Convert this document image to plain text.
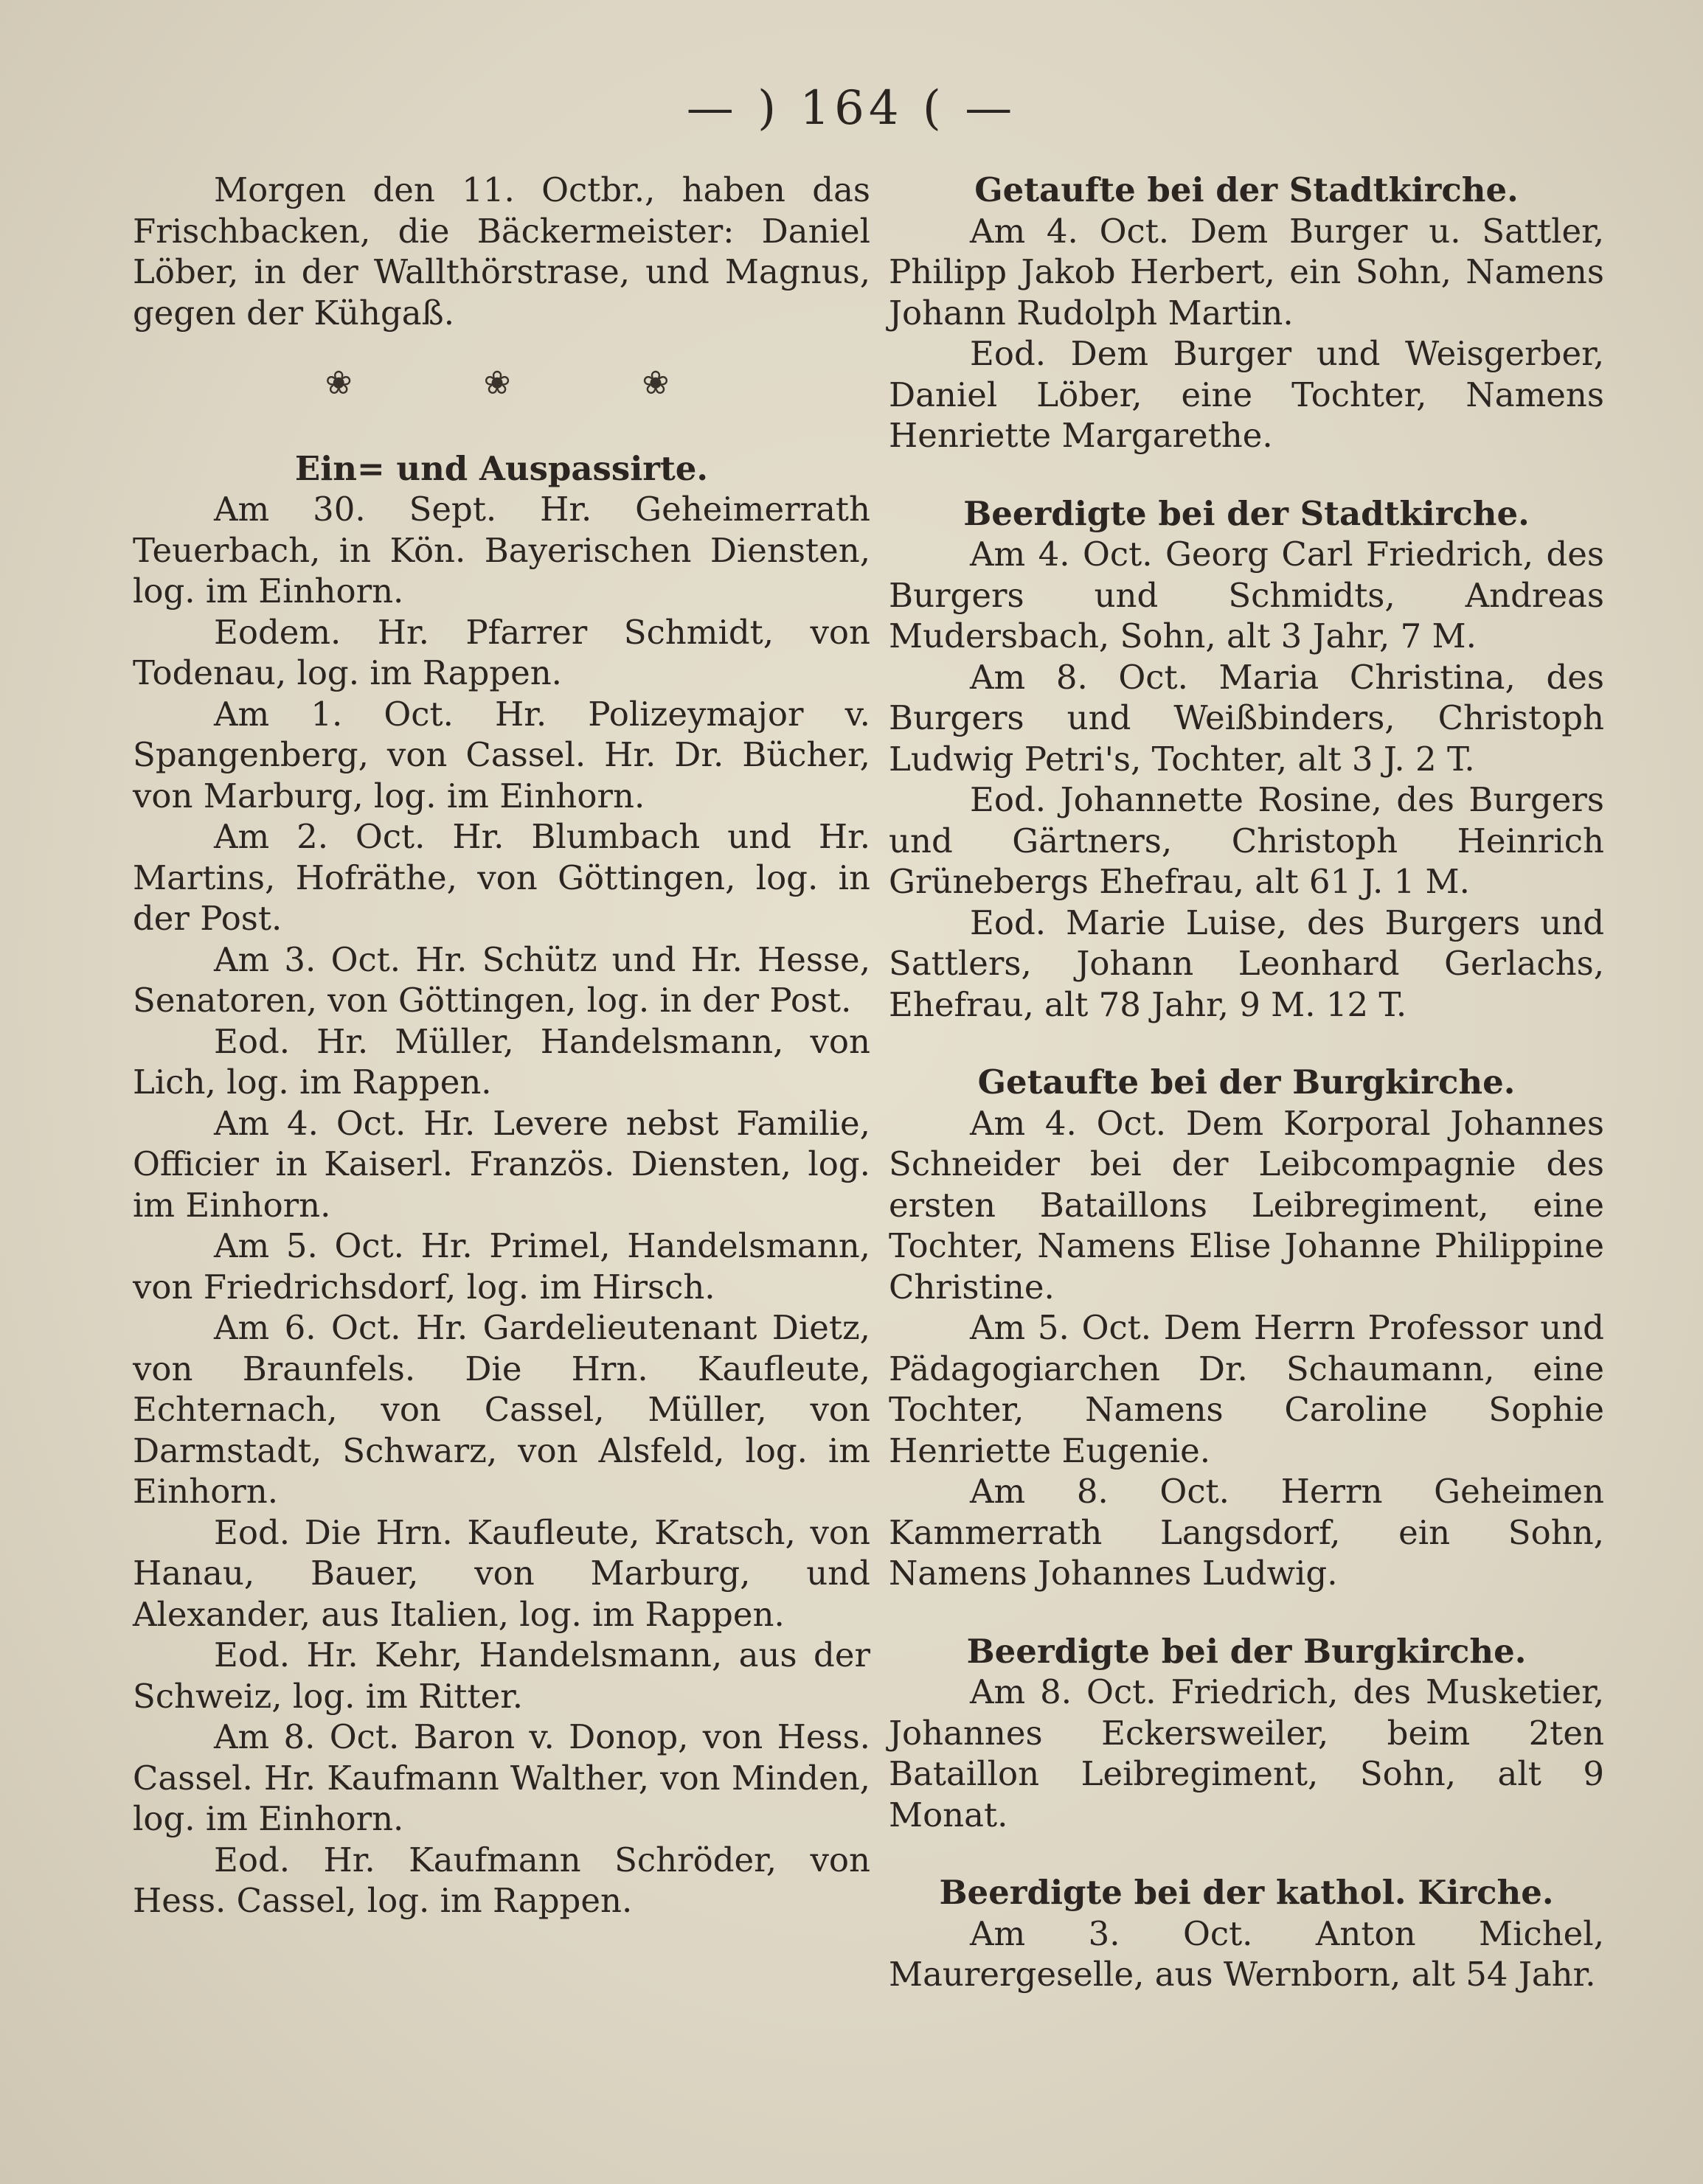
— ) 164 ( —

Morgen den 11. Octbr., haben das Frischbacken, die Bäckermeister: Daniel Löber, in der Wallthörstrase, und Magnus, gegen der Kühgaß.

❀	❀	❀

Ein= und Auspassirte.

Am 30. Sept. Hr. Geheimerrath Teuerbach, in Kön. Bayerischen Diensten, log. im Einhorn.

Eodem. Hr. Pfarrer Schmidt, von Todenau, log. im Rappen.

Am 1. Oct. Hr. Polizeymajor v. Spangenberg, von Cassel. Hr. Dr. Bücher, von Marburg, log. im Einhorn.

Am 2. Oct. Hr. Blumbach und Hr. Martins, Hofräthe, von Göttingen, log. in der Post.

Am 3. Oct. Hr. Schütz und Hr. Hesse, Senatoren, von Göttingen, log. in der Post.

Eod. Hr. Müller, Handelsmann, von Lich, log. im Rappen.

Am 4. Oct. Hr. Levere nebst Familie, Officier in Kaiserl. Französ. Diensten, log. im Einhorn.

Am 5. Oct. Hr. Primel, Handelsmann, von Friedrichsdorf, log. im Hirsch.

Am 6. Oct. Hr. Gardelieutenant Dietz, von Braunfels. Die Hrn. Kaufleute, Echternach, von Cassel, Müller, von Darmstadt, Schwarz, von Alsfeld, log. im Einhorn.

Eod. Die Hrn. Kaufleute, Kratsch, von Hanau, Bauer, von Marburg, und Alexander, aus Italien, log. im Rappen.

Eod. Hr. Kehr, Handelsmann, aus der Schweiz, log. im Ritter.

Am 8. Oct. Baron v. Donop, von Hess. Cassel. Hr. Kaufmann Walther, von Minden, log. im Einhorn.

Eod. Hr. Kaufmann Schröder, von Hess. Cassel, log. im Rappen.

Getaufte bei der Stadtkirche.

Am 4. Oct. Dem Burger u. Sattler, Philipp Jakob Herbert, ein Sohn, Namens Johann Rudolph Martin.

Eod. Dem Burger und Weisgerber, Daniel Löber, eine Tochter, Namens Henriette Margarethe.

Beerdigte bei der Stadtkirche.

Am 4. Oct. Georg Carl Friedrich, des Burgers und Schmidts, Andreas Mudersbach, Sohn, alt 3 Jahr, 7 M.

Am 8. Oct. Maria Christina, des Burgers und Weißbinders, Christoph Ludwig Petri's, Tochter, alt 3 J. 2 T.

Eod. Johannette Rosine, des Burgers und Gärtners, Christoph Heinrich Grünebergs Ehefrau, alt 61 J. 1 M.

Eod. Marie Luise, des Burgers und Sattlers, Johann Leonhard Gerlachs, Ehefrau, alt 78 Jahr, 9 M. 12 T.

Getaufte bei der Burgkirche.

Am 4. Oct. Dem Korporal Johannes Schneider bei der Leibcompagnie des ersten Bataillons Leibregiment, eine Tochter, Namens Elise Johanne Philippine Christine.

Am 5. Oct. Dem Herrn Professor und Pädagogiarchen Dr. Schaumann, eine Tochter, Namens Caroline Sophie Henriette Eugenie.

Am 8. Oct. Herrn Geheimen Kammerrath Langsdorf, ein Sohn, Namens Johannes Ludwig.

Beerdigte bei der Burgkirche.

Am 8. Oct. Friedrich, des Musketier, Johannes Eckersweiler, beim 2ten Bataillon Leibregiment, Sohn, alt 9 Monat.

Beerdigte bei der kathol. Kirche.

Am 3. Oct. Anton Michel, Maurergeselle, aus Wernborn, alt 54 Jahr.
